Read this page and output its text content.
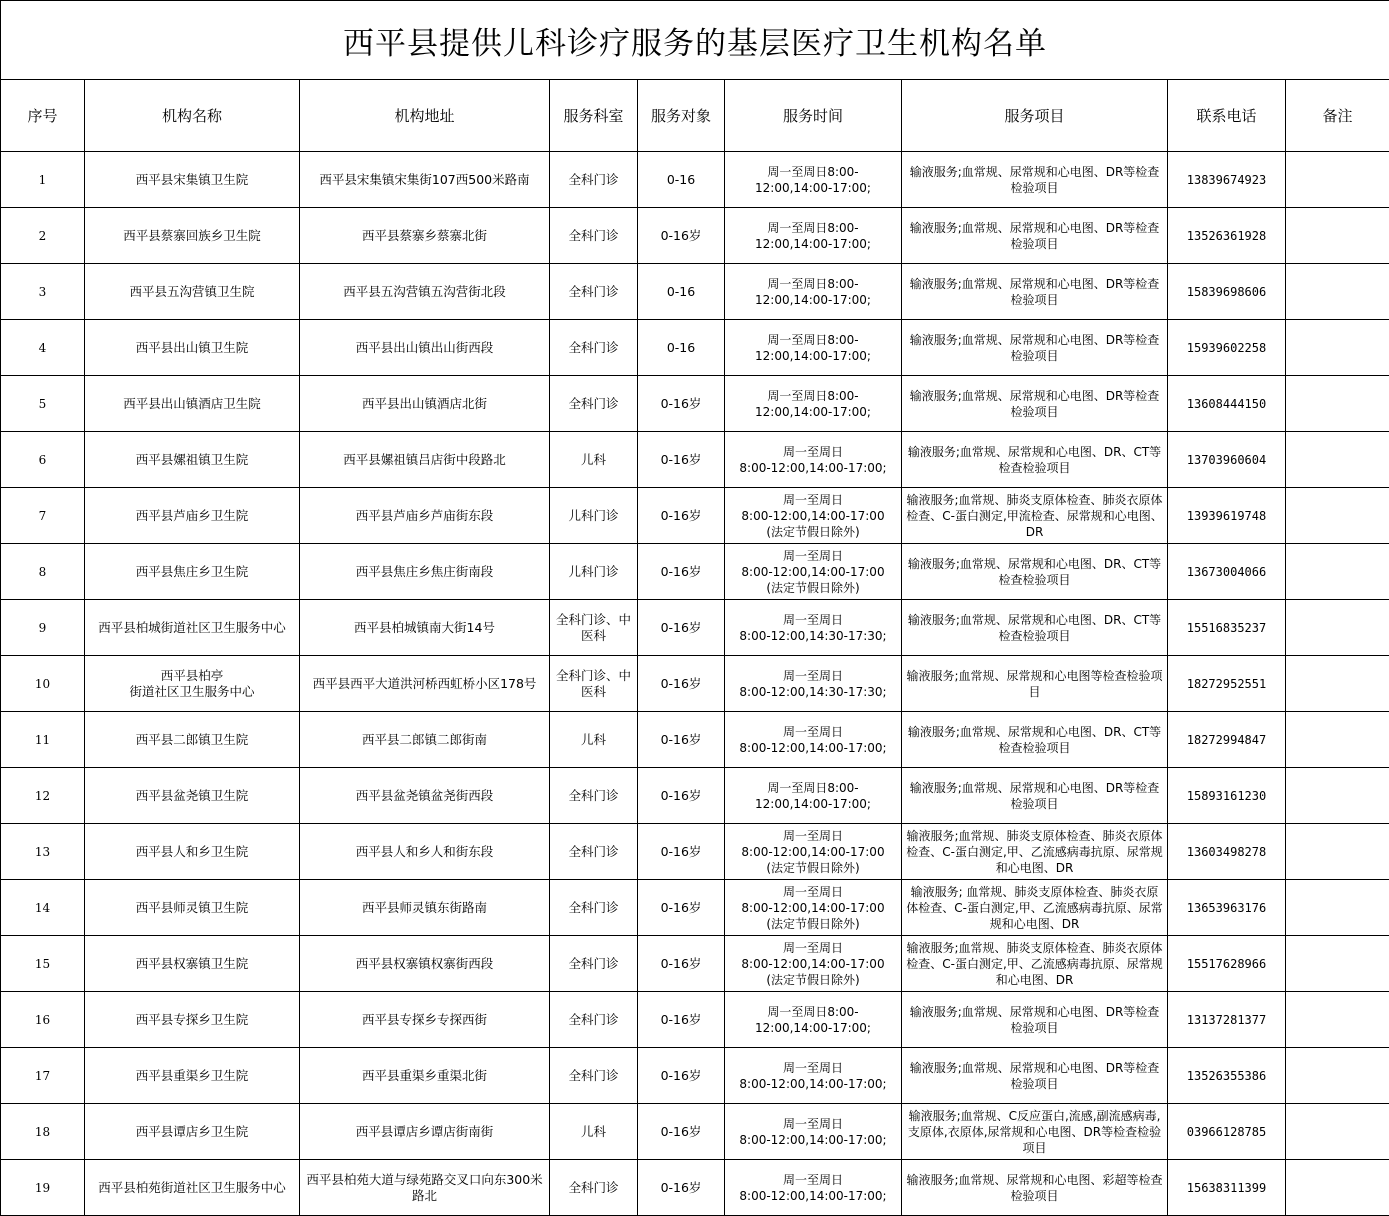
西平县提供儿科诊疗服务的基层医疗卫生机构名单								
序号	机构名称	机构地址	服务科室	服务对象	服务时间	服务项目	联系电话	备注
1	西平县宋集镇卫生院	西平县宋集镇宋集街107西500米路南	全科门诊	0-16	周一至周日8:00-
12:00,14:00-17:00;	输液服务;血常规、尿常规和心电图、DR等检查检验项目	13839674923	
2	西平县蔡寨回族乡卫生院	西平县蔡寨乡蔡寨北街	全科门诊	0-16岁	周一至周日8:00-
12:00,14:00-17:00;	输液服务;血常规、尿常规和心电图、DR等检查检验项目	13526361928	
3	西平县五沟营镇卫生院	西平县五沟营镇五沟营街北段	全科门诊	0-16	周一至周日8:00-
12:00,14:00-17:00;	输液服务;血常规、尿常规和心电图、DR等检查检验项目	15839698606	
4	西平县出山镇卫生院	西平县出山镇出山街西段	全科门诊	0-16	周一至周日8:00-
12:00,14:00-17:00;	输液服务;血常规、尿常规和心电图、DR等检查检验项目	15939602258	
5	西平县出山镇酒店卫生院	西平县出山镇酒店北街	全科门诊	0-16岁	周一至周日8:00-
12:00,14:00-17:00;	输液服务;血常规、尿常规和心电图、DR等检查检验项目	13608444150	
6	西平县嫘祖镇卫生院	西平县嫘祖镇吕店街中段路北	儿科	0-16岁	周一至周日
8:00-12:00,14:00-17:00;	输液服务;血常规、尿常规和心电图、DR、CT等检查检验项目	13703960604	
7	西平县芦庙乡卫生院	西平县芦庙乡芦庙街东段	儿科门诊	0-16岁	周一至周日
8:00-12:00,14:00-17:00
(法定节假日除外)	输液服务;血常规、肺炎支原体检查、肺炎衣原体检查、C-蛋白测定,甲流检查、尿常规和心电图、DR	13939619748	
8	西平县焦庄乡卫生院	西平县焦庄乡焦庄街南段	儿科门诊	0-16岁	周一至周日
8:00-12:00,14:00-17:00
(法定节假日除外)	输液服务;血常规、尿常规和心电图、DR、CT等检查检验项目	13673004066	
9	西平县柏城街道社区卫生服务中心	西平县柏城镇南大街14号	全科门诊、中医科	0-16岁	周一至周日
8:00-12:00,14:30-17:30;	输液服务;血常规、尿常规和心电图、DR、CT等检查检验项目	15516835237	
10	西平县柏亭
街道社区卫生服务中心	西平县西平大道洪河桥西虹桥小区178号	全科门诊、中医科	0-16岁	周一至周日
8:00-12:00,14:30-17:30;	输液服务;血常规、尿常规和心电图等检查检验项目	18272952551	
11	西平县二郎镇卫生院	西平县二郎镇二郎街南	儿科	0-16岁	周一至周日
8:00-12:00,14:00-17:00;	输液服务;血常规、尿常规和心电图、DR、CT等检查检验项目	18272994847	
12	西平县盆尧镇卫生院	西平县盆尧镇盆尧街西段	全科门诊	0-16岁	周一至周日8:00-
12:00,14:00-17:00;	输液服务;血常规、尿常规和心电图、DR等检查检验项目	15893161230	
13	西平县人和乡卫生院	西平县人和乡人和街东段	全科门诊	0-16岁	周一至周日
8:00-12:00,14:00-17:00
(法定节假日除外)	输液服务;血常规、肺炎支原体检查、肺炎衣原体检查、C-蛋白测定,甲、乙流感病毒抗原、尿常规和心电图、DR	13603498278	
14	西平县师灵镇卫生院	西平县师灵镇东街路南	全科门诊	0-16岁	周一至周日
8:00-12:00,14:00-17:00
(法定节假日除外)	输液服务; 血常规、肺炎支原体检查、肺炎衣原体检查、C-蛋白测定,甲、乙流感病毒抗原、尿常规和心电图、DR	13653963176	
15	西平县权寨镇卫生院	西平县权寨镇权寨街西段	全科门诊	0-16岁	周一至周日
8:00-12:00,14:00-17:00
(法定节假日除外)	输液服务;血常规、肺炎支原体检查、肺炎衣原体检查、C-蛋白测定,甲、乙流感病毒抗原、尿常规和心电图、DR	15517628966	
16	西平县专探乡卫生院	西平县专探乡专探西街	全科门诊	0-16岁	周一至周日8:00-
12:00,14:00-17:00;	输液服务;血常规、尿常规和心电图、DR等检查检验项目	13137281377	
17	西平县重渠乡卫生院	西平县重渠乡重渠北街	全科门诊	0-16岁	周一至周日
8:00-12:00,14:00-17:00;	输液服务;血常规、尿常规和心电图、DR等检查检验项目	13526355386	
18	西平县谭店乡卫生院	西平县谭店乡谭店街南街	儿科	0-16岁	周一至周日
8:00-12:00,14:00-17:00;	输液服务;血常规、C反应蛋白,流感,副流感病毒,支原体,衣原体,尿常规和心电图、DR等检查检验项目	03966128785	
19	西平县柏苑街道社区卫生服务中心	西平县柏苑大道与绿苑路交叉口向东300米路北	全科门诊	0-16岁	周一至周日
8:00-12:00,14:00-17:00;	输液服务;血常规、尿常规和心电图、彩超等检查检验项目	15638311399	
